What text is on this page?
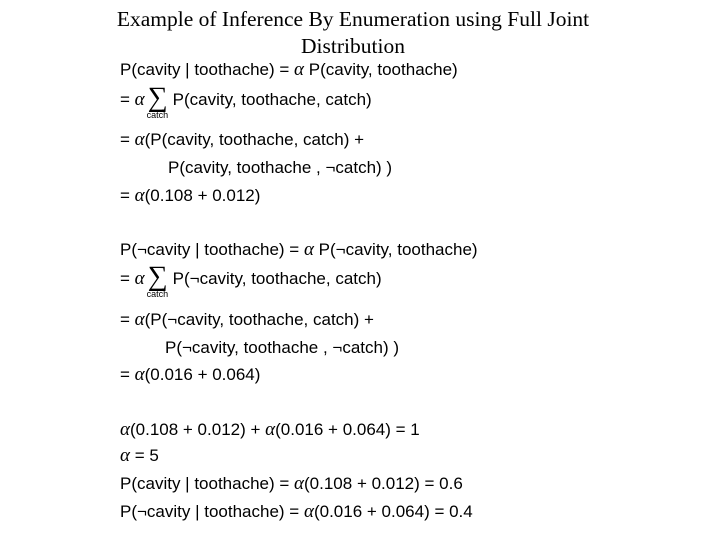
Example of Inference By Enumeration using Full Joint
Distribution
P(cavity | toothache) = α P(cavity, toothache)
= α ∑
catch
P(cavity, toothache, catch)
= α(P(cavity, toothache, catch) +
P(cavity, toothache , ¬catch) )
= α(0.108 + 0.012)
P(¬cavity | toothache) = α P(¬cavity, toothache)
= α ∑
catch
P(¬cavity, toothache, catch)
= α(P(¬cavity, toothache, catch) +
P(¬cavity, toothache , ¬catch) )
= α(0.016 + 0.064)
α(0.108 + 0.012) + α(0.016 + 0.064) = 1
α = 5
P(cavity | toothache) = α(0.108 + 0.012) = 0.6
P(¬cavity | toothache) = α(0.016 + 0.064) = 0.4
